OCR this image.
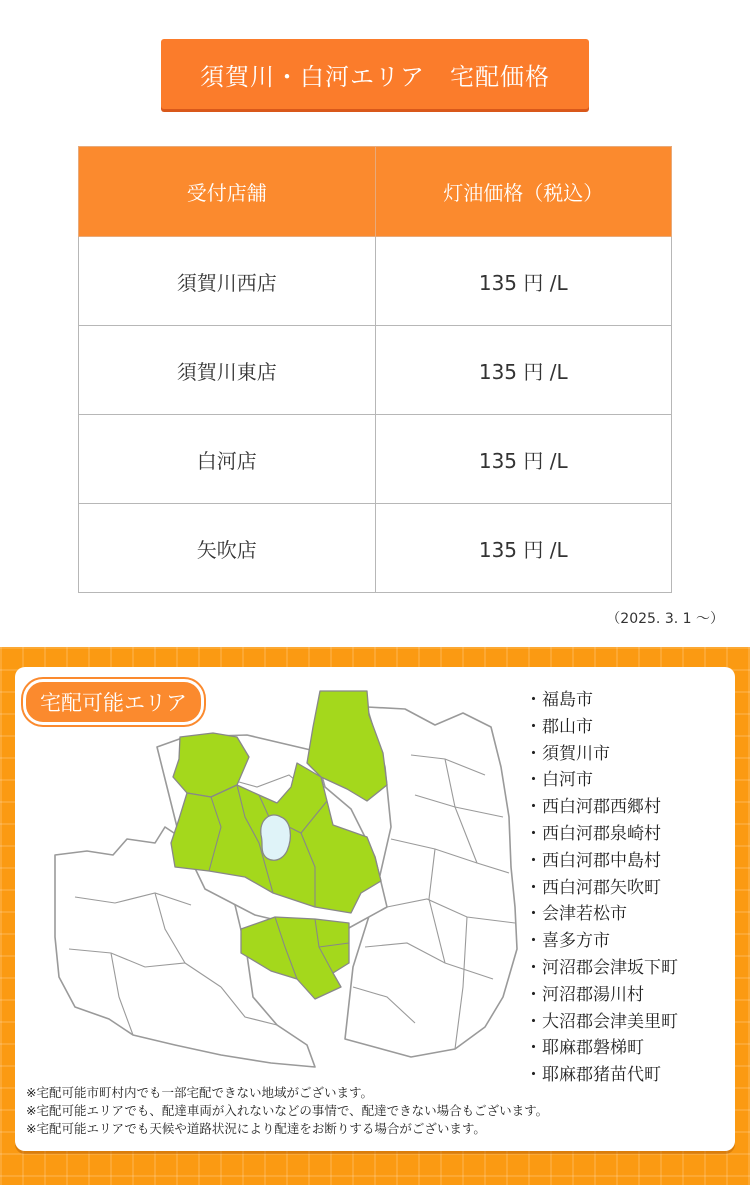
須賀川・白河エリア　宅配価格
受付店舗	灯油価格（税込）
須賀川西店	135 円 /L
須賀川東店	135 円 /L
白河店	135 円 /L
矢吹店	135 円 /L
（2025. 3. 1 〜）
宅配可能エリア	・福島市
・郡山市
・須賀川市
・白河市
・西白河郡西郷村
・西白河郡泉崎村
・西白河郡中島村
・西白河郡矢吹町
・会津若松市
・喜多方市
・河沼郡会津坂下町
・河沼郡湯川村
・大沼郡会津美里町
・耶麻郡磐梯町
・耶麻郡猪苗代町
※宅配可能市町村内でも一部宅配できない地域がございます。
※宅配可能エリアでも、配達車両が入れないなどの事情で、配達できない場合もございます。
※宅配可能エリアでも天候や道路状況により配達をお断りする場合がございます。
